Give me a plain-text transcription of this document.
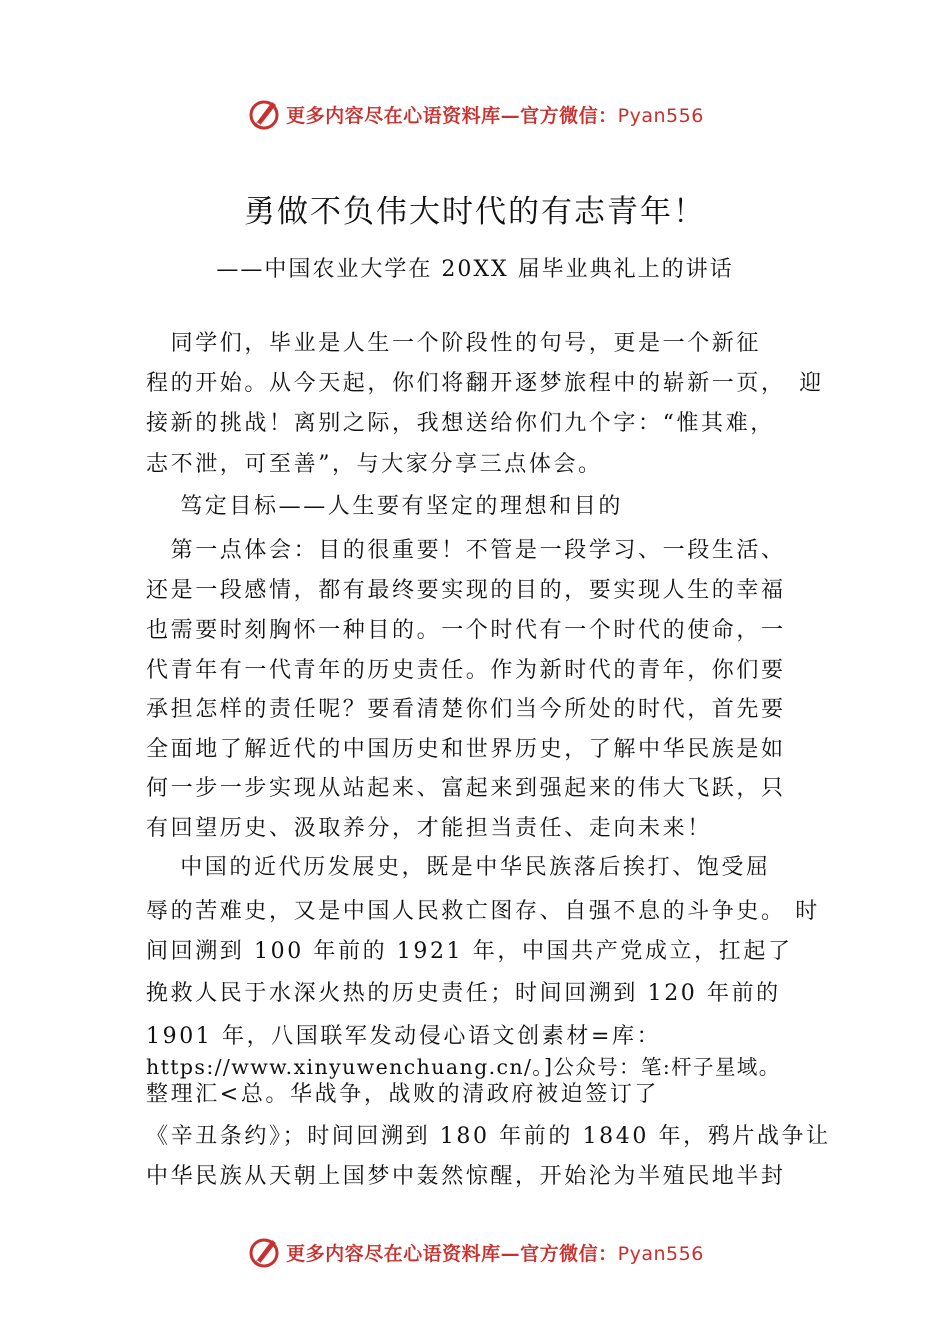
更多内容尽在心语资料库—官方微信：Pyan556
勇做不负伟大时代的有志青年！
——中国农业大学在 20XX 届毕业典礼上的讲话
　同学们，毕业是人生一个阶段性的句号，更是一个新征
程的开始。从今天起，你们将翻开逐梦旅程中的崭新一页，　迎
接新的挑战！离别之际，我想送给你们九个字：“惟其难，
志不泄，可至善”，与大家分享三点体会。
　 笃定目标——人生要有坚定的理想和目的
　第一点体会：目的很重要！不管是一段学习、一段生活、
还是一段感情，都有最终要实现的目的，要实现人生的幸福
也需要时刻胸怀一种目的。一个时代有一个时代的使命，一
代青年有一代青年的历史责任。作为新时代的青年，你们要
承担怎样的责任呢？要看清楚你们当今所处的时代，首先要
全面地了解近代的中国历史和世界历史，了解中华民族是如
何一步一步实现从站起来、富起来到强起来的伟大飞跃，只
有回望历史、汲取养分，才能担当责任、走向未来！
　 中国的近代历发展史，既是中华民族落后挨打、饱受屈
辱的苦难史，又是中国人民救亡图存、自强不息的斗争史。 时
间回溯到 100 年前的 1921 年，中国共产党成立，扛起了
挽救人民于水深火热的历史责任；时间回溯到 120 年前的
1901 年，八国联军发动侵心语文创素材=库：
https://www.xinyuwenchuang.cn/。]公众号：笔:杆子星域。
整理汇<总。华战争，战败的清政府被迫签订了
《辛丑条约》；时间回溯到 180 年前的 1840 年，鸦片战争让
中华民族从天朝上国梦中轰然惊醒，开始沦为半殖民地半封
更多内容尽在心语资料库—官方微信：Pyan556
